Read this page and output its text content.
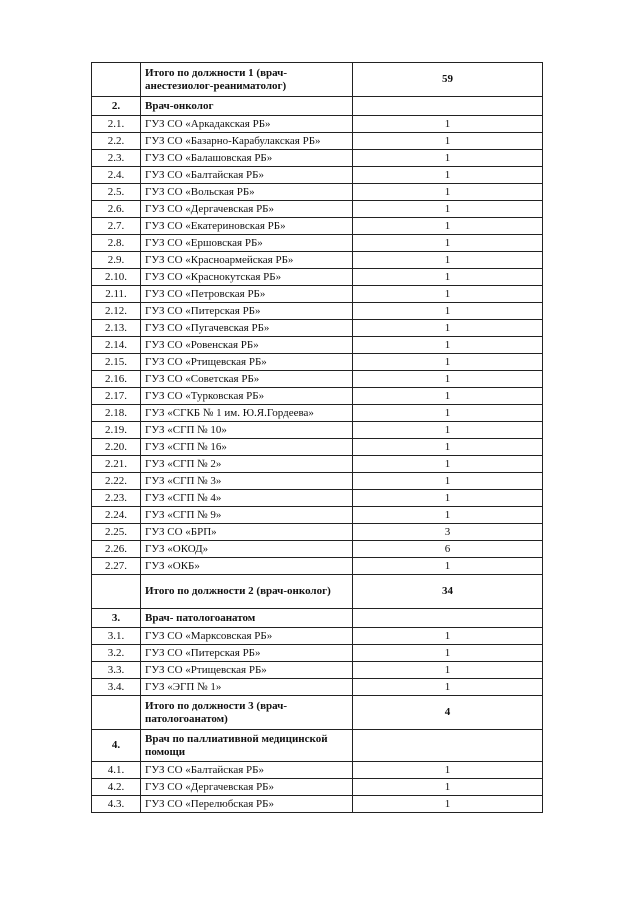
	Итого по должности 1 (врач-анестезиолог-реаниматолог)	59
2.	Врач-онколог	
2.1.	ГУЗ СО «Аркадакская РБ»	1
2.2.	ГУЗ СО «Базарно-Карабулакская РБ»	1
2.3.	ГУЗ СО «Балашовская РБ»	1
2.4.	ГУЗ СО «Балтайская РБ»	1
2.5.	ГУЗ СО «Вольская РБ»	1
2.6.	ГУЗ СО «Дергачевская РБ»	1
2.7.	ГУЗ СО «Екатериновская РБ»	1
2.8.	ГУЗ СО «Ершовская РБ»	1
2.9.	ГУЗ СО «Красноармейская РБ»	1
2.10.	ГУЗ СО «Краснокутская РБ»	1
2.11.	ГУЗ СО «Петровская РБ»	1
2.12.	ГУЗ СО «Питерская РБ»	1
2.13.	ГУЗ СО «Пугачевская РБ»	1
2.14.	ГУЗ СО «Ровенская РБ»	1
2.15.	ГУЗ СО «Ртищевская РБ»	1
2.16.	ГУЗ СО «Советская РБ»	1
2.17.	ГУЗ СО «Турковская РБ»	1
2.18.	ГУЗ «СГКБ № 1 им. Ю.Я.Гордеева»	1
2.19.	ГУЗ «СГП № 10»	1
2.20.	ГУЗ «СГП № 16»	1
2.21.	ГУЗ «СГП № 2»	1
2.22.	ГУЗ «СГП № 3»	1
2.23.	ГУЗ «СГП № 4»	1
2.24.	ГУЗ «СГП № 9»	1
2.25.	ГУЗ СО «БРП»	3
2.26.	ГУЗ «ОКОД»	6
2.27.	ГУЗ «ОКБ»	1
	Итого по должности 2 (врач-онколог)	34
3.	Врач- патологоанатом	
3.1.	ГУЗ СО «Марксовская РБ»	1
3.2.	ГУЗ СО «Питерская РБ»	1
3.3.	ГУЗ СО «Ртищевская РБ»	1
3.4.	ГУЗ «ЭГП № 1»	1
	Итого по должности 3 (врач-патологоанатом)	4
4.	Врач по паллиативной медицинской помощи	
4.1.	ГУЗ СО «Балтайская РБ»	1
4.2.	ГУЗ СО «Дергачевская РБ»	1
4.3.	ГУЗ СО «Перелюбская РБ»	1
